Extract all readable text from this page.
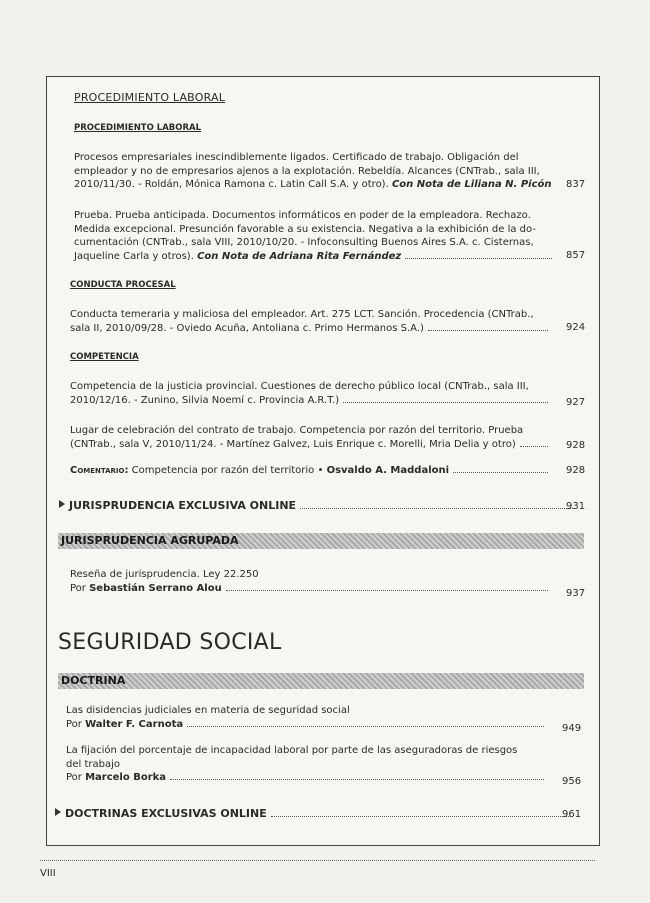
PROCEDIMIENTO LABORAL
PROCEDIMIENTO LABORAL
Procesos empresariales inescindiblemente ligados. Certificado de trabajo. Obligación del
empleador y no de empresarios ajenos a la explotación. Rebeldía. Alcances (CNTrab., sala III,
2010/11/30. - Roldán, Mónica Ramona c. Latin Call S.A. y otro). Con Nota de Liliana N. Picón	837
Prueba. Prueba anticipada. Documentos informáticos en poder de la empleadora. Rechazo.
Medida excepcional. Presunción favorable a su existencia. Negativa a la exhibición de la do-
cumentación (CNTrab., sala VIII, 2010/10/20. - Infoconsulting Buenos Aires S.A. c. Cisternas,
Jaqueline Carla y otros). Con Nota de Adriana Rita Fernández	857
CONDUCTA PROCESAL
Conducta temeraria y maliciosa del empleador. Art. 275 LCT. Sanción. Procedencia (CNTrab.,
sala II, 2010/09/28. - Oviedo Acuña, Antoliana c. Primo Hermanos S.A.)	924
COMPETENCIA
Competencia de la justicia provincial. Cuestiones de derecho público local (CNTrab., sala III,
2010/12/16. - Zunino, Silvia Noemí c. Provincia A.R.T.)	927
Lugar de celebración del contrato de trabajo. Competencia por razón del territorio. Prueba
(CNTrab., sala V, 2010/11/24. - Martínez Galvez, Luis Enrique c. Morelli, Mria Delia y otro)	928
Comentario: Competencia por razón del territorio • Osvaldo A. Maddaloni	928
JURISPRUDENCIA EXCLUSIVA ONLINE	931
JURISPRUDENCIA AGRUPADA
Reseña de jurisprudencia. Ley 22.250
Por Sebastián Serrano Alou	937
SEGURIDAD SOCIAL
DOCTRINA
Las disidencias judiciales en materia de seguridad social
Por Walter F. Carnota	949
La fijación del porcentaje de incapacidad laboral por parte de las aseguradoras de riesgos
del trabajo
Por Marcelo Borka	956
DOCTRINAS EXCLUSIVAS ONLINE	961
VIII
